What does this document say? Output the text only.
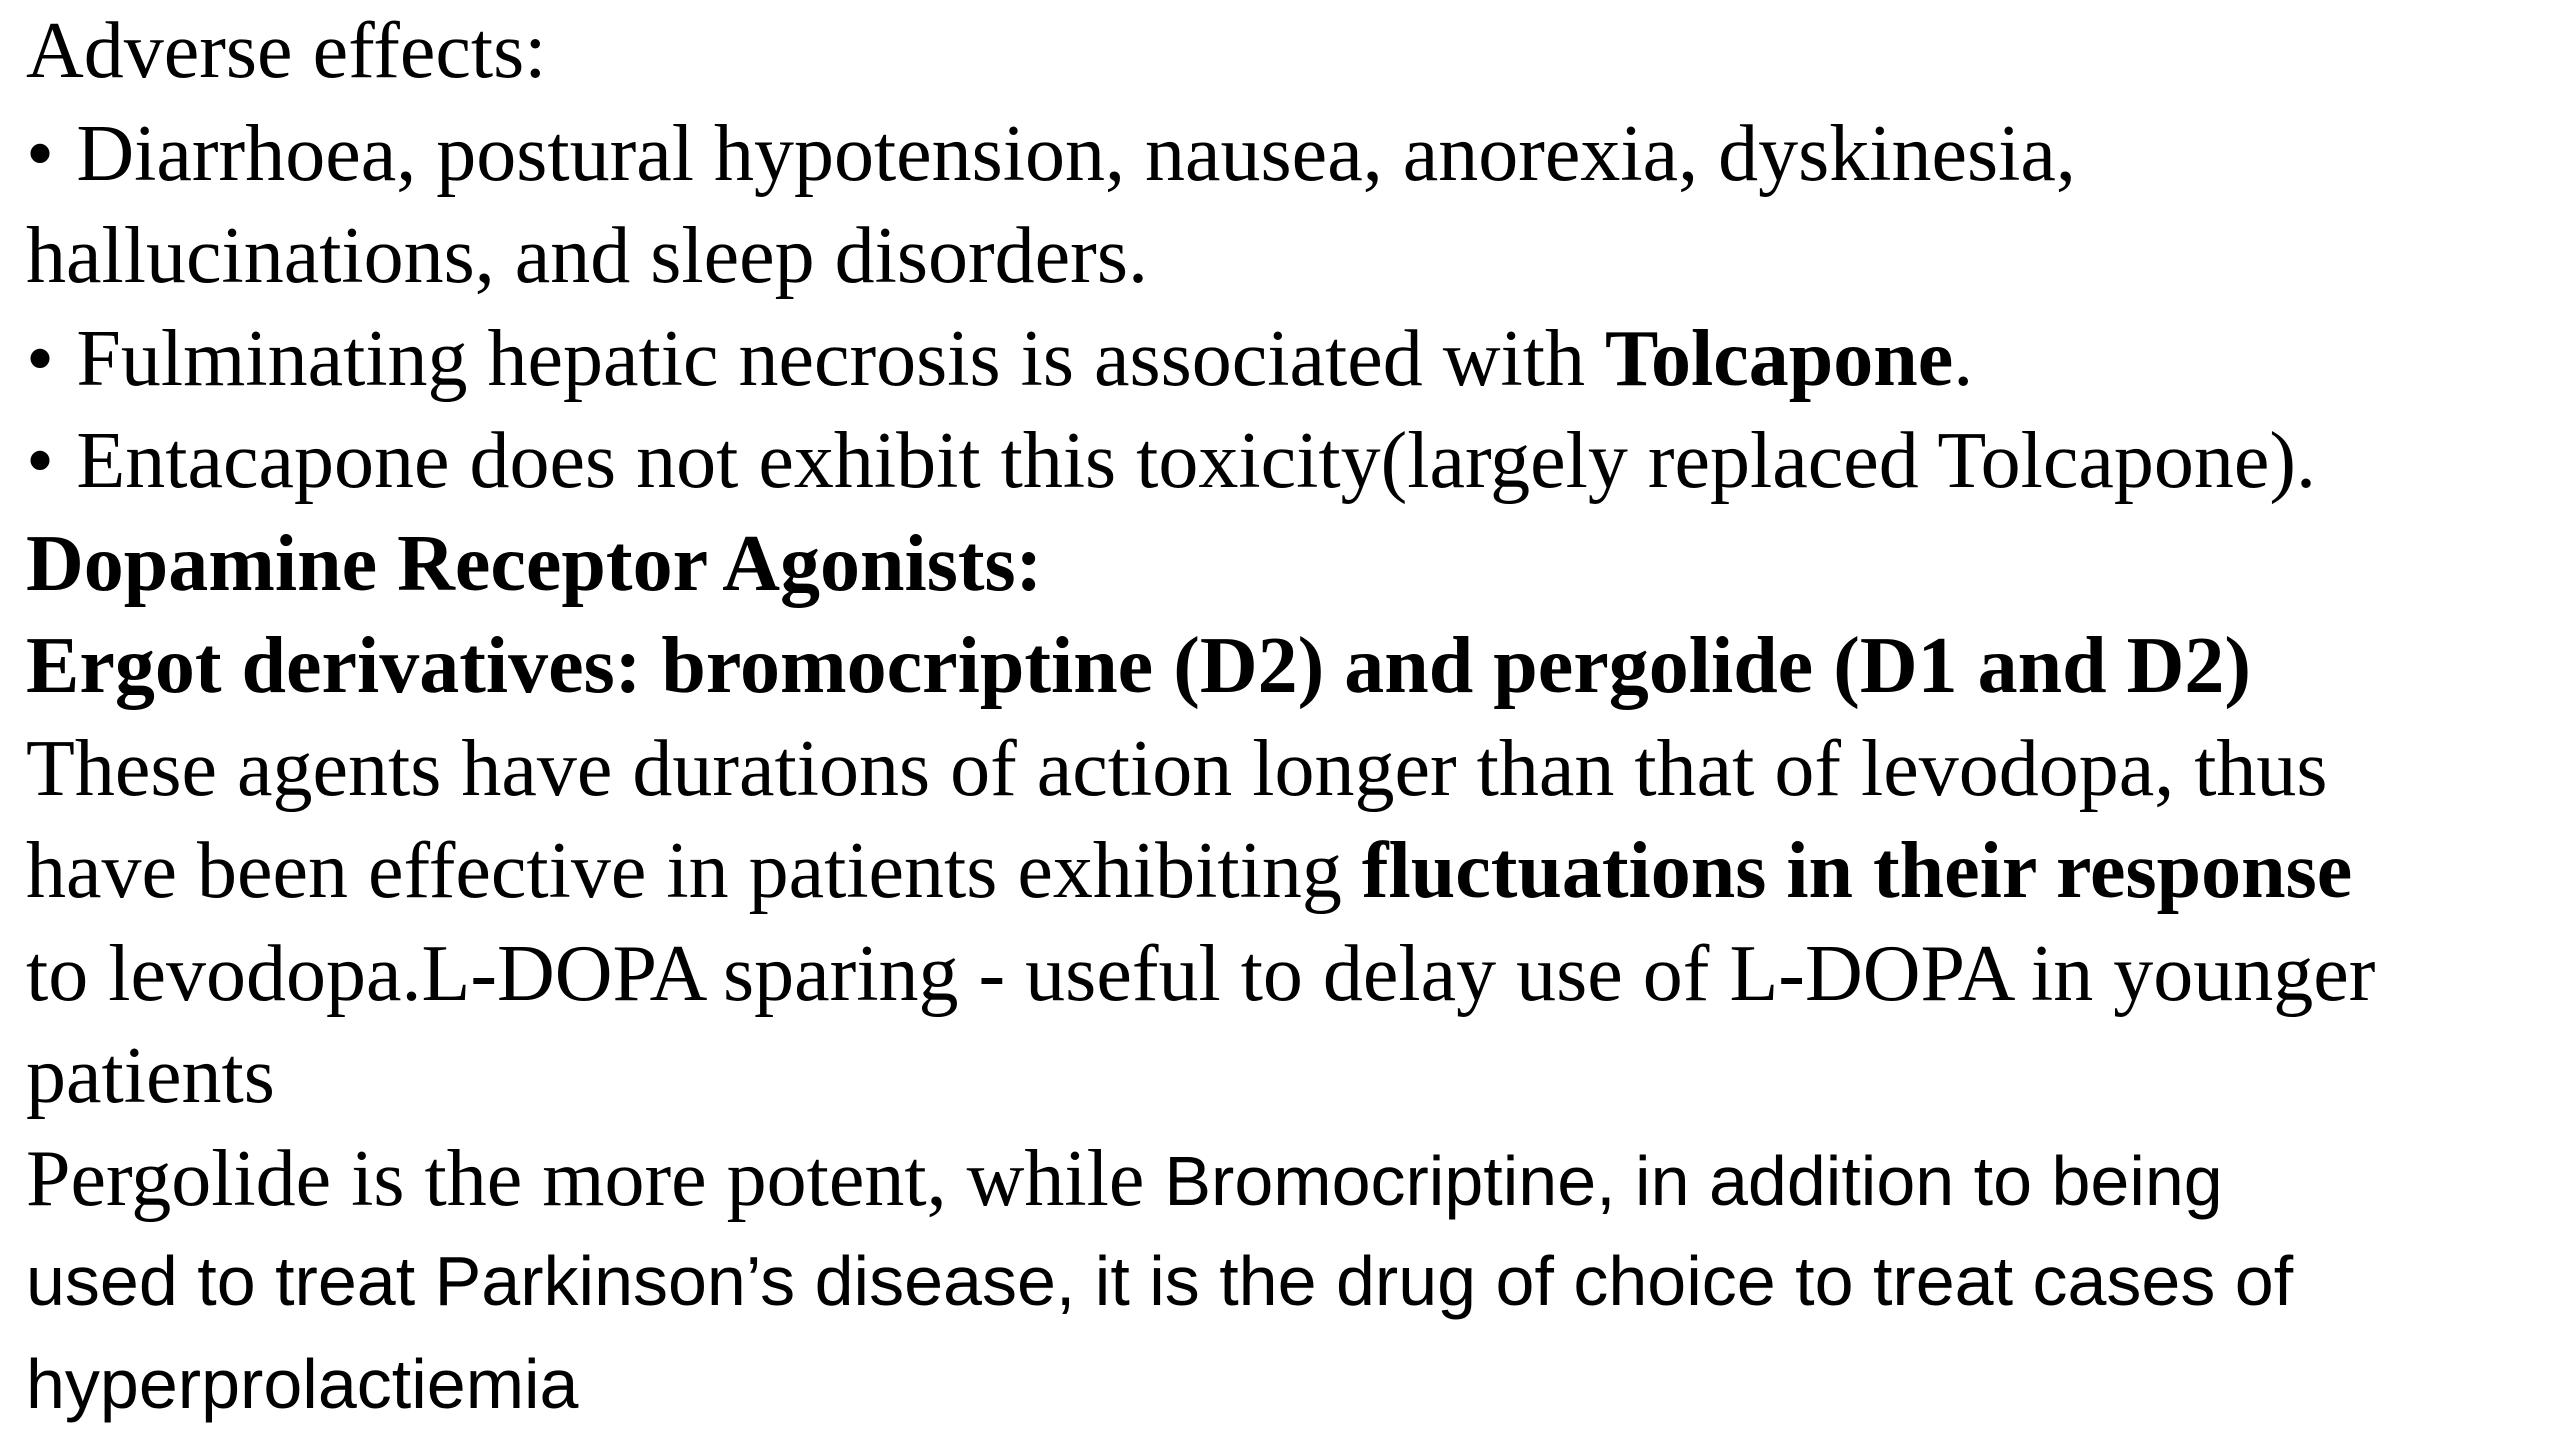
Adverse effects:
• Diarrhoea, postural hypotension, nausea, anorexia, dyskinesia,
hallucinations, and sleep disorders.
• Fulminating hepatic necrosis is associated with Tolcapone.
• Entacapone does not exhibit this toxicity(largely replaced Tolcapone).
Dopamine Receptor Agonists:
Ergot derivatives: bromocriptine (D2) and pergolide (D1 and D2)
These agents have durations of action longer than that of levodopa, thus
have been effective in patients exhibiting fluctuations in their response
to levodopa.L-DOPA sparing - useful to delay use of L-DOPA in younger
patients
Pergolide is the more potent, while Bromocriptine, in addition to being
used to treat Parkinson’s disease, it is the drug of choice to treat cases of
hyperprolactiemia
